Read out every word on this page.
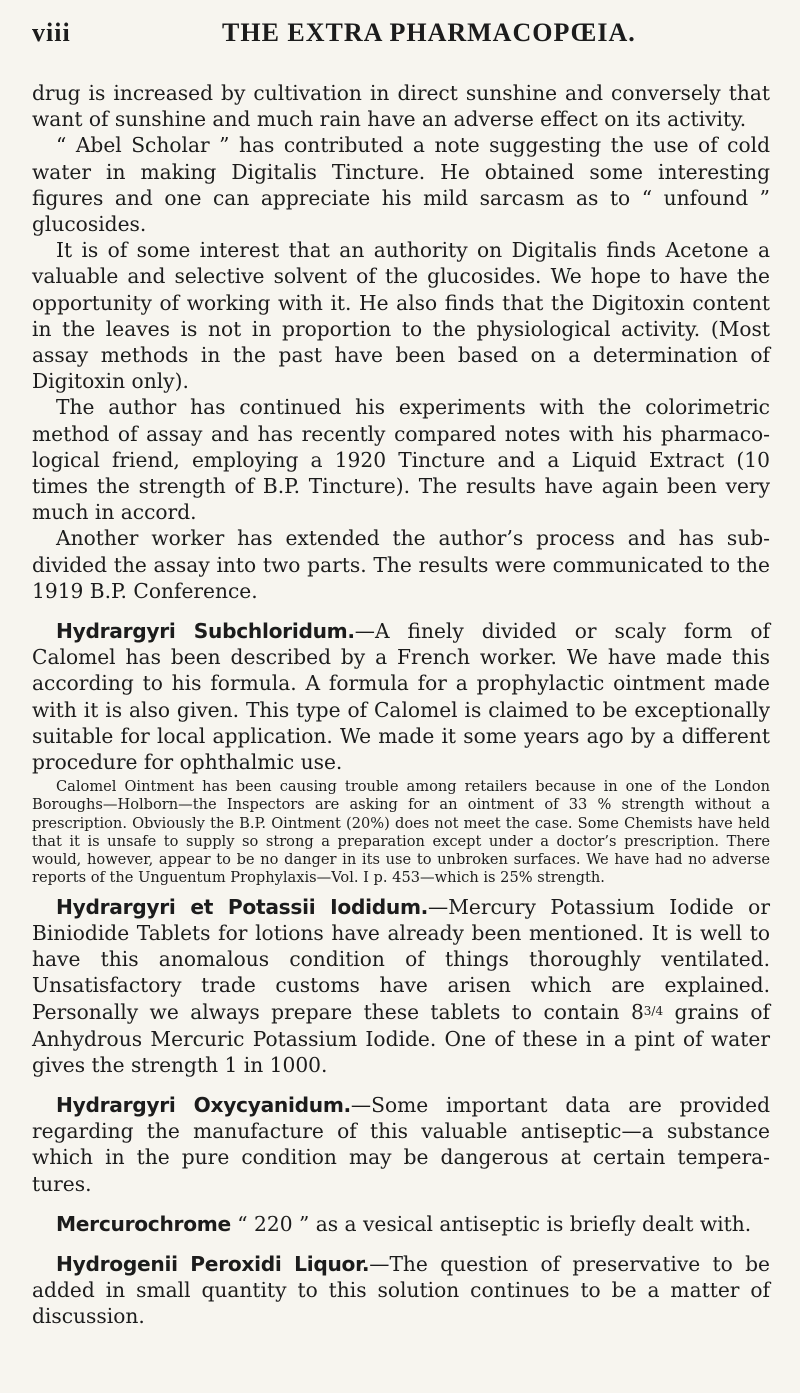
viii	THE EXTRA PHARMACOPŒIA.

drug is increased by cultivation in direct sunshine and conversely that want of sunshine and much rain have an adverse effect on its activity.

“ Abel Scholar ” has contributed a note suggesting the use of cold water in making Digitalis Tincture. He obtained some interesting figures and one can appreciate his mild sarcasm as to “ unfound ” glucosides.

It is of some interest that an authority on Digitalis finds Acetone a valuable and selective solvent of the glucosides. We hope to have the opportunity of working with it. He also finds that the Digitoxin content in the leaves is not in proportion to the physiological activity. (Most assay methods in the past have been based on a determination of Digitoxin only).

The author has continued his experiments with the colorimetric method of assay and has recently compared notes with his pharmaco-logical friend, employing a 1920 Tincture and a Liquid Extract (10 times the strength of B.P. Tincture). The results have again been very much in accord.

Another worker has extended the author’s process and has sub-divided the assay into two parts. The results were communicated to the 1919 B.P. Conference.

Hydrargyri Subchloridum.—A finely divided or scaly form of Calomel has been described by a French worker. We have made this according to his formula. A formula for a prophylactic ointment made with it is also given. This type of Calomel is claimed to be exceptionally suitable for local application. We made it some years ago by a different procedure for ophthalmic use.

Calomel Ointment has been causing trouble among retailers because in one of the London Boroughs—Holborn—the Inspectors are asking for an ointment of 33 % strength without a prescription. Obviously the B.P. Ointment (20%) does not meet the case. Some Chemists have held that it is unsafe to supply so strong a preparation except under a doctor’s prescription. There would, however, appear to be no danger in its use to unbroken surfaces. We have had no adverse reports of the Unguentum Prophylaxis—Vol. I p. 453—which is 25% strength.

Hydrargyri et Potassii Iodidum.—Mercury Potassium Iodide or Biniodide Tablets for lotions have already been mentioned. It is well to have this anomalous condition of things thoroughly ventilated. Unsatisfactory trade customs have arisen which are explained. Personally we always prepare these tablets to contain 83/4 grains of Anhydrous Mercuric Potassium Iodide. One of these in a pint of water gives the strength 1 in 1000.

Hydrargyri Oxycyanidum.—Some important data are provided regarding the manufacture of this valuable antiseptic—a substance which in the pure condition may be dangerous at certain tempera-tures.

Mercurochrome “ 220 ” as a vesical antiseptic is briefly dealt with.

Hydrogenii Peroxidi Liquor.—The question of preservative to be added in small quantity to this solution continues to be a matter of discussion.
